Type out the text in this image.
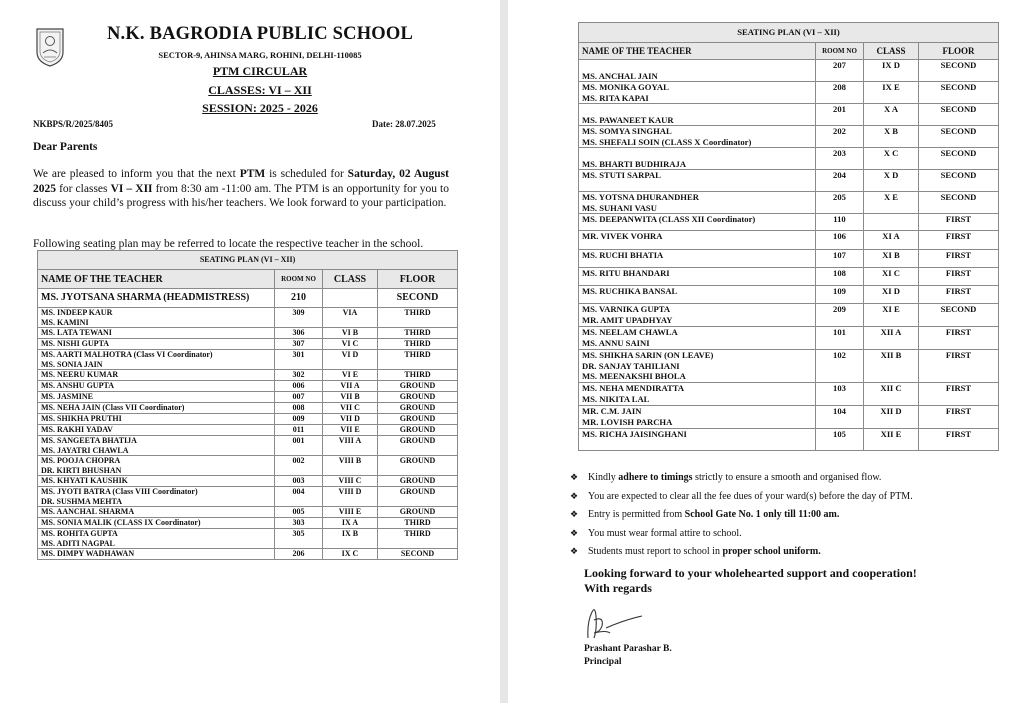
N.K. BAGRODIA PUBLIC SCHOOL
SECTOR-9, AHINSA MARG, ROHINI, DELHI-110085
PTM CIRCULAR
CLASSES: VI – XII
SESSION: 2025 - 2026
NKBPS/R/2025/8405	Date: 28.07.2025
Dear Parents

We are pleased to inform you that the next PTM is scheduled for Saturday, 02 August 2025 for classes VI – XII from 8:30 am -11:00 am. The PTM is an opportunity for you to discuss your child’s progress with his/her teachers. We look forward to your participation.

Following seating plan may be referred to locate the respective teacher in the school.
SEATING PLAN (VI – XII)			
NAME OF THE TEACHER	ROOM NO	CLASS	FLOOR
MS. JYOTSANA SHARMA (HEADMISTRESS)	210		SECOND

MS. INDEEP KAUR
MS. KAMINI	309	VIA	THIRD

MS. LATA TEWANI	306	VI B	THIRD

MS. NISHI GUPTA	307	VI C	THIRD

MS. AARTI MALHOTRA (Class VI Coordinator)
MS. SONIA JAIN	301	VI D	THIRD

MS. NEERU KUMAR	302	VI E	THIRD

MS. ANSHU GUPTA	006	VII A	GROUND

MS. JASMINE	007	VII B	GROUND

MS. NEHA JAIN (Class VII Coordinator)	008	VII C	GROUND

MS. SHIKHA PRUTHI	009	VII D	GROUND

MS. RAKHI YADAV	011	VII E	GROUND

MS. SANGEETA BHATIJA
MS. JAYATRI CHAWLA	001	VIII A	GROUND

MS. POOJA CHOPRA
DR. KIRTI BHUSHAN	002	VIII B	GROUND

MS. KHYATI KAUSHIK	003	VIII C	GROUND

MS. JYOTI BATRA (Class VIII Coordinator)
DR. SUSHMA MEHTA	004	VIII D	GROUND

MS. AANCHAL SHARMA	005	VIII E	GROUND

MS. SONIA MALIK (CLASS IX Coordinator)	303	IX A	THIRD

MS. ROHITA GUPTA
MS. ADITI NAGPAL	305	IX B	THIRD

MS. DIMPY WADHAWAN	206	IX C	SECOND
SEATING PLAN (VI – XII)			
NAME OF THE TEACHER	ROOM NO	CLASS	FLOOR

MS. ANCHAL JAIN	207	IX D	SECOND

MS. MONIKA GOYAL
MS. RITA KAPAI	208	IX E	SECOND

MS. PAWANEET KAUR	201	X A	SECOND

MS. SOMYA SINGHAL
MS. SHEFALI SOIN (CLASS X Coordinator)	202	X B	SECOND

MS. BHARTI BUDHIRAJA	203	X C	SECOND

MS. STUTI SARPAL	204	X D	SECOND

MS. YOTSNA DHURANDHER
MS. SUHANI VASU	205	X E	SECOND

MS. DEEPANWITA (CLASS XII Coordinator)	110		FIRST

MR. VIVEK VOHRA	106	XI A	FIRST

MS. RUCHI BHATIA	107	XI B	FIRST

MS. RITU BHANDARI	108	XI C	FIRST

MS. RUCHIKA BANSAL	109	XI D	FIRST

MS. VARNIKA GUPTA
MR. AMIT UPADHYAY	209	XI E	SECOND

MS. NEELAM CHAWLA
MS. ANNU SAINI	101	XII A	FIRST

MS. SHIKHA SARIN (ON LEAVE)
DR. SANJAY TAHILIANI
MS. MEENAKSHI BHOLA	102	XII B	FIRST

MS. NEHA MENDIRATTA
MS. NIKITA LAL	103	XII C	FIRST

MR. C.M. JAIN
MR. LOVISH PARCHA	104	XII D	FIRST

MS. RICHA JAISINGHANI	105	XII E	FIRST
❖ Kindly adhere to timings strictly to ensure a smooth and organised flow.
❖ You are expected to clear all the fee dues of your ward(s) before the day of PTM.
❖ Entry is permitted from School Gate No. 1 only till 11:00 am.
❖ You must wear formal attire to school.
❖ Students must report to school in proper school uniform.
Looking forward to your wholehearted support and cooperation!
With regards
Prashant Parashar B.
Principal
